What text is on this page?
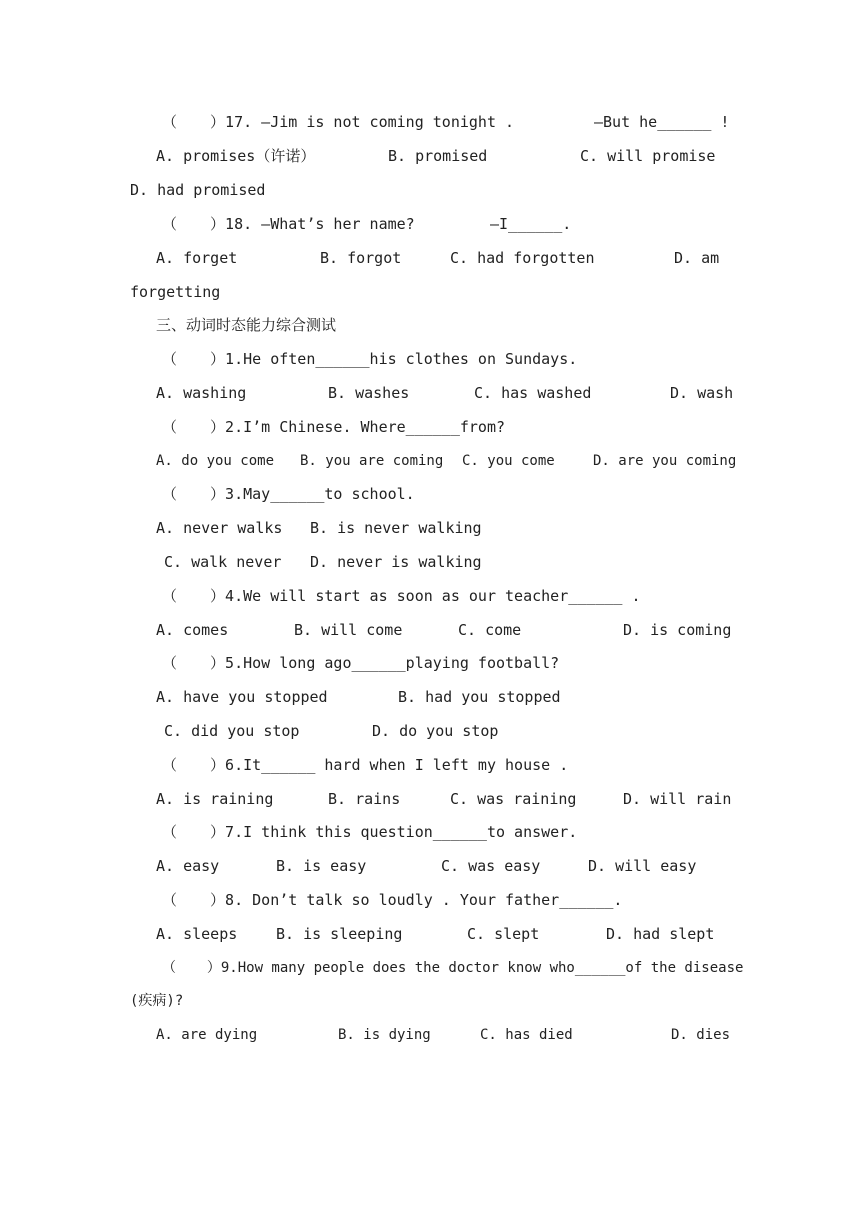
（　  ）17. —Jim is not coming tonight .	—But he______ !
A. promises（许诺）	B. promised	C. will promise
D. had promised
（　  ）18. —What’s her name?	—I______.
A. forget	B. forgot	C. had forgotten	D. am
forgetting
三、动词时态能力综合测试
（　  ）1.He often______his clothes on Sundays.
A. washing	B. washes	C. has washed	D. wash
（　  ）2.I’m Chinese. Where______from?
A. do you come B. you are coming C. you come	D. are you coming
（　  ）3.May______to school.
A. never walks B. is never walking
C. walk never D. never is walking
（　  ）4.We will start as soon as our teacher______ .
A. comes	B. will come	C. come	D. is coming
（　  ）5.How long ago______playing football?
A. have you stopped	B. had you stopped
C. did you stop	D. do you stop
（　  ）6.It______ hard when I left my house .
A. is raining	B. rains	C. was raining	D. will rain
（　  ）7.I think this question______to answer.
A. easy	B. is easy	C. was easy	D. will easy
（　  ）8. Don’t talk so loudly . Your father______.
A. sleeps	B. is sleeping	C. slept	D. had slept
（　  ）9.How many people does the doctor know who______of the disease
(疾病)?
A. are dying	B. is dying	C. has died	D. dies
